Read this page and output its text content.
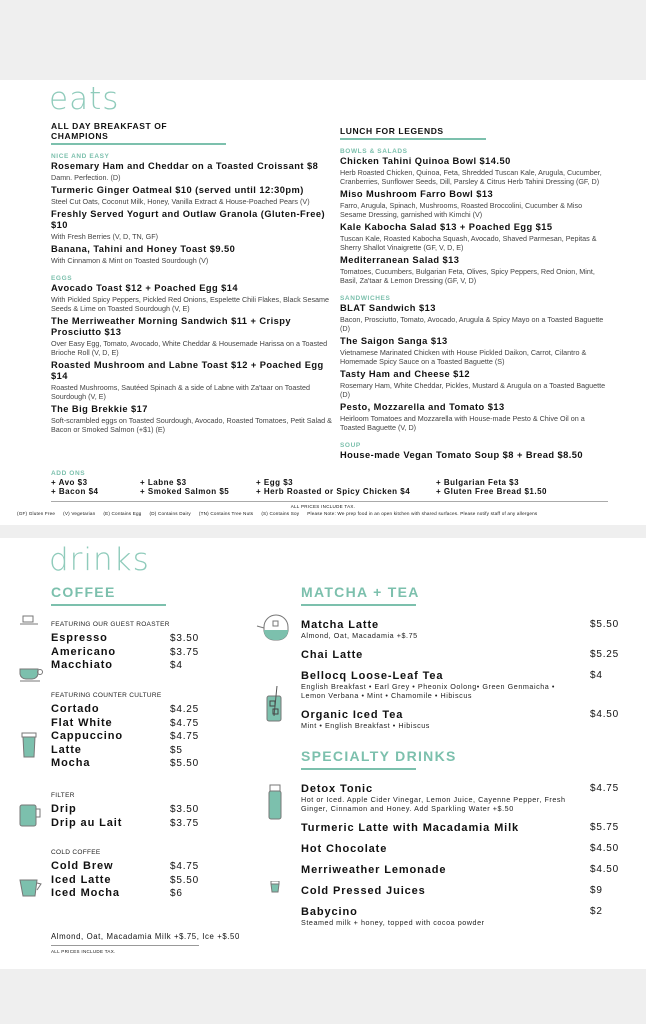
eats
ALL DAY BREAKFAST OF CHAMPIONS
NICE AND EASY
Rosemary Ham and Cheddar on a Toasted Croissant $8
Damn. Perfection. (D)
Turmeric Ginger Oatmeal $10 (served until 12:30pm)
Steel Cut Oats, Coconut Milk, Honey, Vanilla Extract & House-Poached Pears (V)
Freshly Served Yogurt and Outlaw Granola (Gluten-Free) $10
With Fresh Berries (V, D, TN, GF)
Banana, Tahini and Honey Toast $9.50
With Cinnamon & Mint on Toasted Sourdough (V)
EGGS
Avocado Toast $12 + Poached Egg $14
With Pickled Spicy Peppers, Pickled Red Onions, Espelette Chili Flakes, Black Sesame Seeds & Lime on Toasted Sourdough (V, E)
The Merriweather Morning Sandwich $11 + Crispy Prosciutto $13
Over Easy Egg, Tomato, Avocado, White Cheddar & Housemade Harissa on a Toasted Brioche Roll (V, D, E)
Roasted Mushroom and Labne Toast $12 + Poached Egg $14
Roasted Mushrooms, Sautéed Spinach & a side of Labne with Za'taar on Toasted Sourdough (V, E)
The Big Brekkie $17
Soft-scrambled eggs on Toasted Sourdough, Avocado, Roasted Tomatoes, Petit Salad & Bacon or Smoked Salmon (+$1) (E)
LUNCH FOR LEGENDS
BOWLS & SALADS
Chicken Tahini Quinoa Bowl $14.50
Herb Roasted Chicken, Quinoa, Feta, Shredded Tuscan Kale, Arugula, Cucumber, Cranberries, Sunflower Seeds, Dill, Parsley & Citrus Herb Tahini Dressing (GF, D)
Miso Mushroom Farro Bowl $13
Farro, Arugula, Spinach, Mushrooms, Roasted Broccolini, Cucumber & Miso Sesame Dressing, garnished with Kimchi (V)
Kale Kabocha Salad $13 + Poached Egg $15
Tuscan Kale, Roasted Kabocha Squash, Avocado, Shaved Parmesan, Pepitas & Sherry Shallot Vinaigrette (GF, V, D, E)
Mediterranean Salad $13
Tomatoes, Cucumbers, Bulgarian Feta, Olives, Spicy Peppers, Red Onion, Mint, Basil, Za'taar & Lemon Dressing (GF, V, D)
SANDWICHES
BLAT Sandwich $13
Bacon, Prosciutto, Tomato, Avocado, Arugula & Spicy Mayo on a Toasted Baguette (D)
The Saigon Sanga $13
Vietnamese Marinated Chicken with House Pickled Daikon, Carrot, Cilantro & Homemade Spicy Sauce on a Toasted Baguette (S)
Tasty Ham and Cheese $12
Rosemary Ham, White Cheddar, Pickles, Mustard & Arugula on a Toasted Baguette (D)
Pesto, Mozzarella and Tomato $13
Heirloom Tomatoes and Mozzarella with House-made Pesto & Chive Oil on a Toasted Baguette (V, D)
SOUP
House-made Vegan Tomato Soup $8 + Bread $8.50
ADD ONS
+ Avo $3
+ Bacon $4
+ Labne $3
+ Smoked Salmon $5
+ Egg $3
+ Herb Roasted or Spicy Chicken $4
+ Bulgarian Feta $3
+ Gluten Free Bread $1.50
ALL PRICES INCLUDE TAX.
(GF) Gluten Free (V) Vegetarian (E) Contains Egg (D) Contains Dairy (TN) Contains Tree Nuts (S) Contains Soy Please Note: We prep food in an open kitchen with shared surfaces. Please notify staff of any allergens
drinks
COFFEE
FEATURING OUR GUEST ROASTER
Espresso	$3.50
Americano	$3.75
Macchiato	$4
FEATURING COUNTER CULTURE
Cortado	$4.25
Flat White	$4.75
Cappuccino	$4.75
Latte	$5
Mocha	$5.50
FILTER
Drip	$3.50
Drip au Lait	$3.75
COLD COFFEE
Cold Brew	$4.75
Iced Latte	$5.50
Iced Mocha	$6
MATCHA + TEA
Matcha Latte
Almond, Oat, Macadamia +$.75
$5.50
Chai Latte	$5.25
Bellocq Loose-Leaf Tea
English Breakfast • Earl Grey • Pheonix Oolong• Green Genmaicha • Lemon Verbana • Mint • Chamomile • Hibiscus
$4
Organic Iced Tea
Mint • English Breakfast • Hibiscus
$4.50
SPECIALTY DRINKS
Detox Tonic
Hot or Iced. Apple Cider Vinegar, Lemon Juice, Cayenne Pepper, Fresh Ginger, Cinnamon and Honey. Add Sparkling Water +$.50
$4.75
Turmeric Latte with Macadamia Milk	$5.75
Hot Chocolate	$4.50
Merriweather Lemonade	$4.50
Cold Pressed Juices	$9
Babycino
Steamed milk + honey, topped with cocoa powder
$2
Almond, Oat, Macadamia Milk +$.75, Ice +$.50
ALL PRICES INCLUDE TAX.
